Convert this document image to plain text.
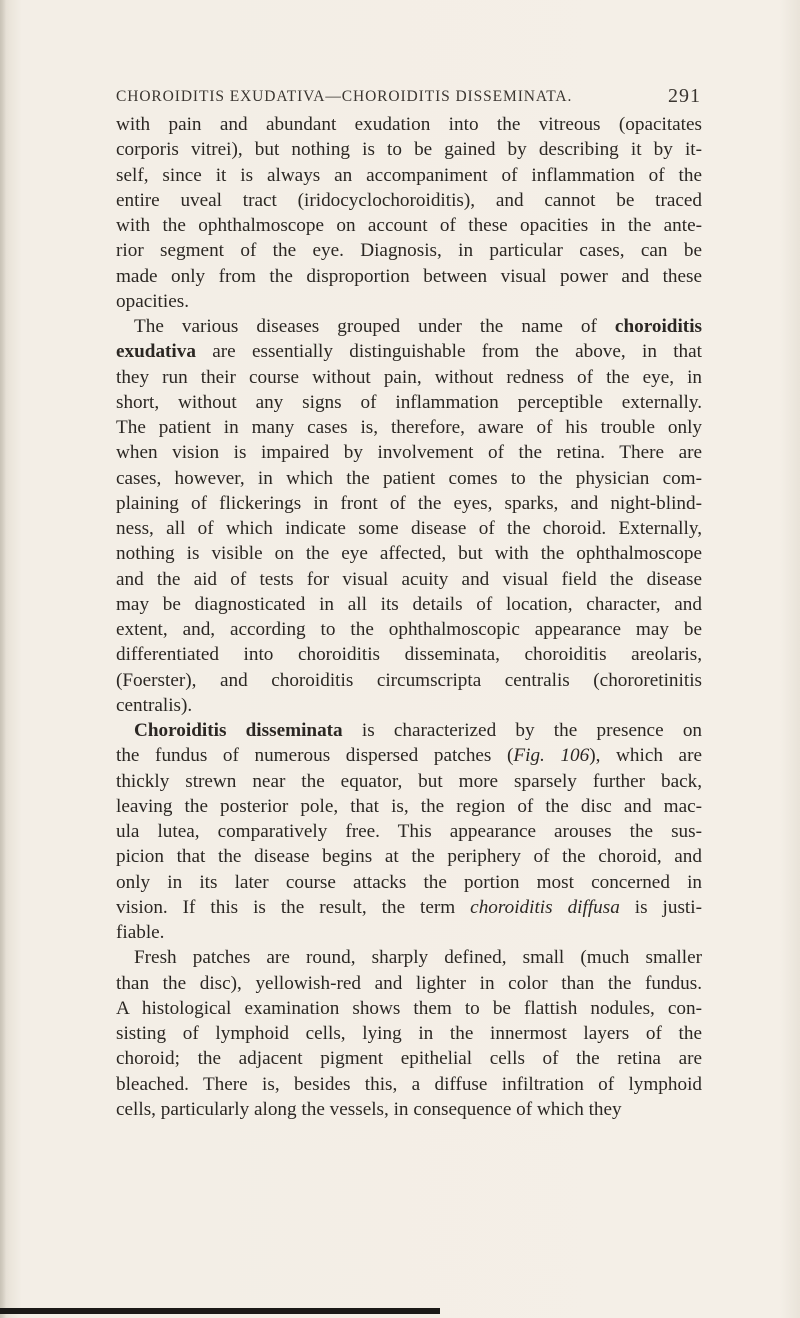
CHOROIDITIS EXUDATIVA—CHOROIDITIS DISSEMINATA.	291
with pain and abundant exudation into the vitreous (opacitates
corporis vitrei), but nothing is to be gained by describing it by it-
self, since it is always an accompaniment of inflammation of the
entire uveal tract (iridocyclochoroiditis), and cannot be traced
with the ophthalmoscope on account of these opacities in the ante-
rior segment of the eye. Diagnosis, in particular cases, can be
made only from the disproportion between visual power and these
opacities.
The various diseases grouped under the name of choroiditis
exudativa are essentially distinguishable from the above, in that
they run their course without pain, without redness of the eye, in
short, without any signs of inflammation perceptible externally.
The patient in many cases is, therefore, aware of his trouble only
when vision is impaired by involvement of the retina. There are
cases, however, in which the patient comes to the physician com-
plaining of flickerings in front of the eyes, sparks, and night-blind-
ness, all of which indicate some disease of the choroid. Externally,
nothing is visible on the eye affected, but with the ophthalmoscope
and the aid of tests for visual acuity and visual field the disease
may be diagnosticated in all its details of location, character, and
extent, and, according to the ophthalmoscopic appearance may be
differentiated into choroiditis disseminata, choroiditis areolaris,
(Foerster), and choroiditis circumscripta centralis (chororetinitis
centralis).
Choroiditis disseminata is characterized by the presence on
the fundus of numerous dispersed patches (Fig. 106), which are
thickly strewn near the equator, but more sparsely further back,
leaving the posterior pole, that is, the region of the disc and mac-
ula lutea, comparatively free. This appearance arouses the sus-
picion that the disease begins at the periphery of the choroid, and
only in its later course attacks the portion most concerned in
vision. If this is the result, the term choroiditis diffusa is justi-
fiable.
Fresh patches are round, sharply defined, small (much smaller
than the disc), yellowish-red and lighter in color than the fundus.
A histological examination shows them to be flattish nodules, con-
sisting of lymphoid cells, lying in the innermost layers of the
choroid; the adjacent pigment epithelial cells of the retina are
bleached. There is, besides this, a diffuse infiltration of lymphoid
cells, particularly along the vessels, in consequence of which they
